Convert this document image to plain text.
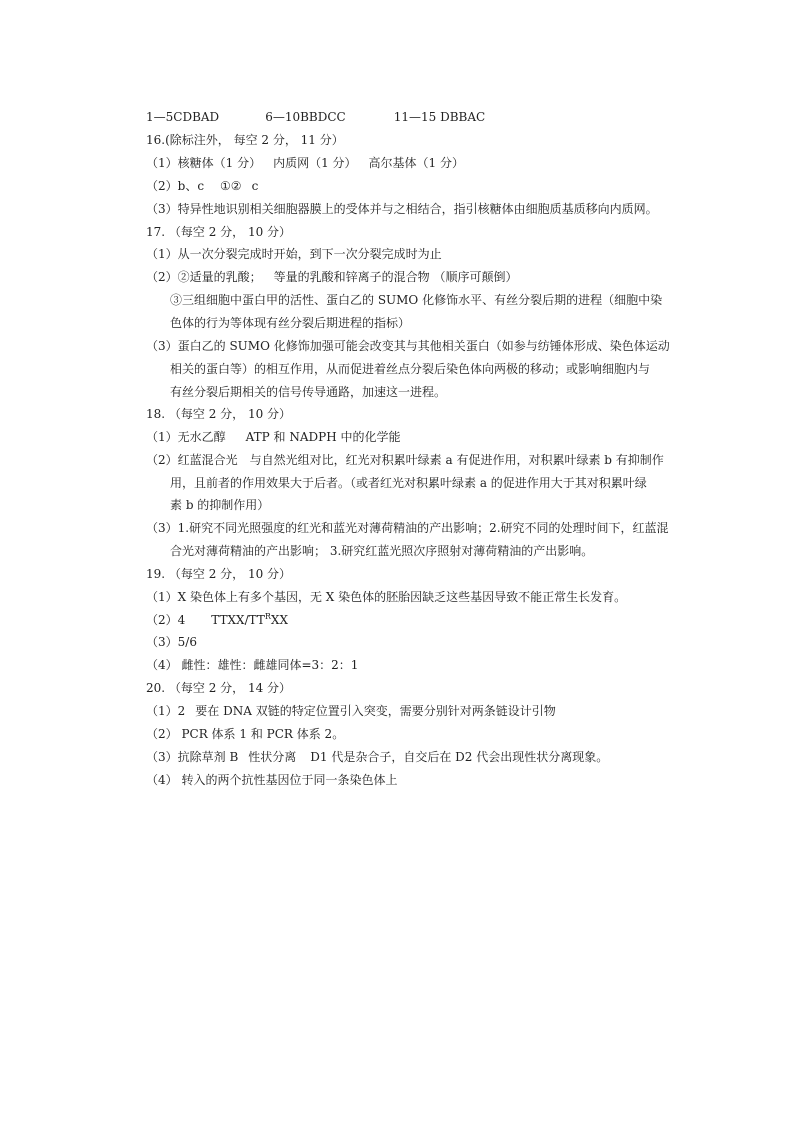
1—5CDBAD	6—10BBDCC	11—15 DBBAC
16.(除标注外， 每空 2 分， 11 分）
（1）核糖体（1 分） 内质网（1 分） 高尔基体（1 分）
（2）b、c ①② c
（3）特异性地识别相关细胞器膜上的受体并与之相结合，指引核糖体由细胞质基质移向内质网。
17. （每空 2 分， 10 分）
（1）从一次分裂完成时开始，到下一次分裂完成时为止
（2）②适量的乳酸； 等量的乳酸和锌离子的混合物 （顺序可颠倒）
③三组细胞中蛋白甲的活性、蛋白乙的 SUMO 化修饰水平、有丝分裂后期的进程（细胞中染
色体的行为等体现有丝分裂后期进程的指标）
（3）蛋白乙的 SUMO 化修饰加强可能会改变其与其他相关蛋白（如参与纺锤体形成、染色体运动
相关的蛋白等）的相互作用，从而促进着丝点分裂后染色体向两极的移动；或影响细胞内与
有丝分裂后期相关的信号传导通路，加速这一进程。
18. （每空 2 分， 10 分）
（1）无水乙醇 ATP 和 NADPH 中的化学能
（2）红蓝混合光 与自然光组对比，红光对积累叶绿素 a 有促进作用，对积累叶绿素 b 有抑制作
用，且前者的作用效果大于后者。（或者红光对积累叶绿素 a 的促进作用大于其对积累叶绿
素 b 的抑制作用）
（3）1.研究不同光照强度的红光和蓝光对薄荷精油的产出影响；2.研究不同的处理时间下，红蓝混
合光对薄荷精油的产出影响； 3.研究红蓝光照次序照射对薄荷精油的产出影响。
19. （每空 2 分， 10 分）
（1）X 染色体上有多个基因，无 X 染色体的胚胎因缺乏这些基因导致不能正常生长发育。
（2）4 TTXX/$TT^RXX$
（3）5/6
（4） 雌性：雄性：雌雄同体=3：2：1
20. （每空 2 分， 14 分）
（1）2 要在 DNA 双链的特定位置引入突变，需要分别针对两条链设计引物
（2） PCR 体系 1 和 PCR 体系 2。
（3）抗除草剂 B 性状分离 D1 代是杂合子，自交后在 D2 代会出现性状分离现象。
（4） 转入的两个抗性基因位于同一条染色体上
